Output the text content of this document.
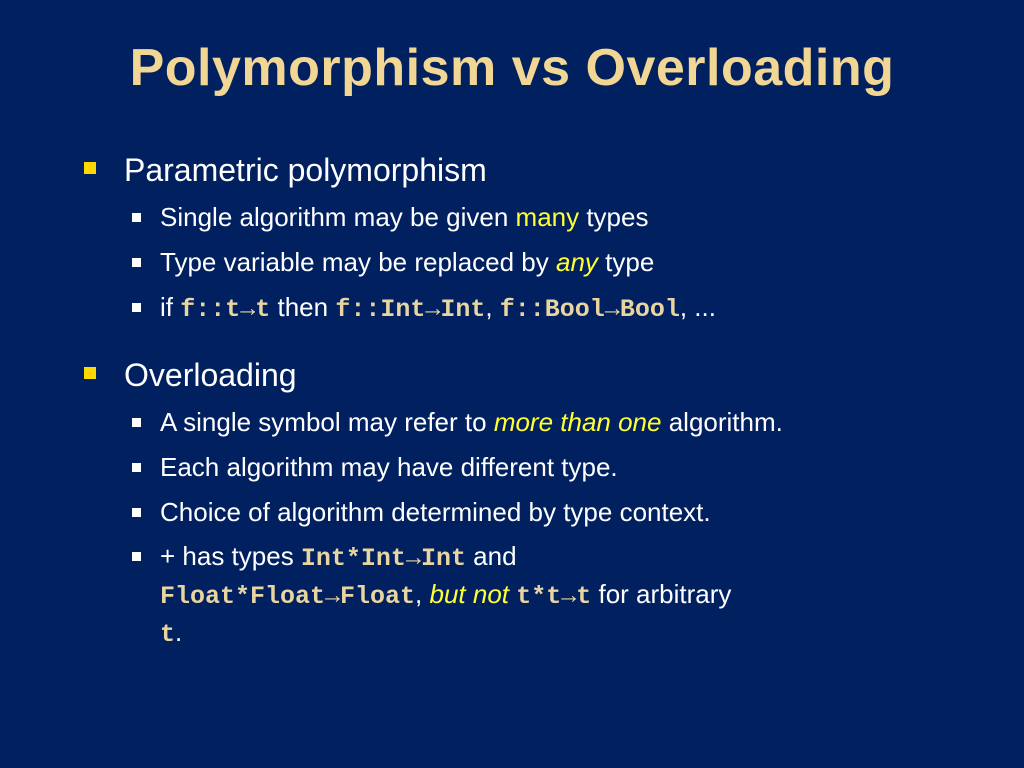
Polymorphism vs Overloading
Parametric polymorphism
Single algorithm may be given many types
Type variable may be replaced by any type
if f::t→t then f::Int→Int, f::Bool→Bool, ...
Overloading
A single symbol may refer to more than one algorithm.
Each algorithm may have different type.
Choice of algorithm determined by type context.
+ has types Int*Int→Int and
Float*Float→Float, but not t*t→t for arbitrary
t.
